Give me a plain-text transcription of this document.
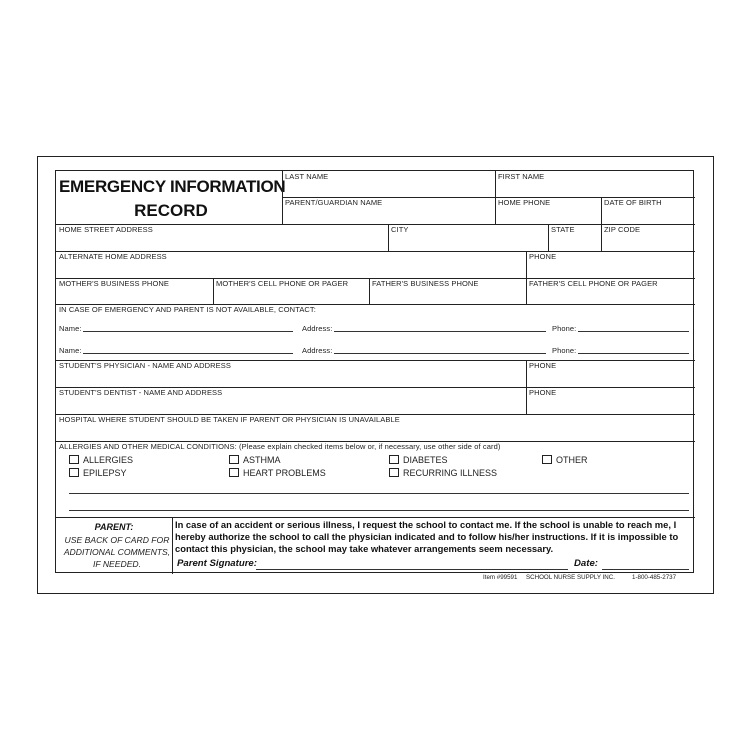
EMERGENCY INFORMATION
RECORD
LAST NAME	FIRST NAME
PARENT/GUARDIAN NAME	HOME PHONE	DATE OF BIRTH
HOME STREET ADDRESS	CITY	STATE	ZIP CODE
ALTERNATE HOME ADDRESS	PHONE
MOTHER'S BUSINESS PHONE	MOTHER'S CELL PHONE OR PAGER	FATHER'S BUSINESS PHONE	FATHER'S CELL PHONE OR PAGER
IN CASE OF EMERGENCY AND PARENT IS NOT AVAILABLE, CONTACT:
Name:	Address:	Phone:
Name:	Address:	Phone:
STUDENT'S PHYSICIAN - NAME AND ADDRESS	PHONE
STUDENT'S DENTIST - NAME AND ADDRESS	PHONE
HOSPITAL WHERE STUDENT SHOULD BE TAKEN IF PARENT OR PHYSICIAN IS UNAVAILABLE
ALLERGIES AND OTHER MEDICAL CONDITIONS: (Please explain checked items below or, if necessary, use other side of card)
ALLERGIES	ASTHMA	DIABETES	OTHER
EPILEPSY	HEART PROBLEMS	RECURRING ILLNESS
PARENT:
USE BACK OF CARD FOR
ADDITIONAL COMMENTS,
IF NEEDED.
In case of an accident or serious illness, I request the school to contact me. If the school is unable to reach me, I hereby authorize the school to call the physician indicated and to follow his/her instructions. If it is impossible to contact this physician, the school may take whatever arrangements seem necessary.
Parent Signature:	Date:
Item #99591 SCHOOL NURSE SUPPLY INC.	1-800-485-2737
